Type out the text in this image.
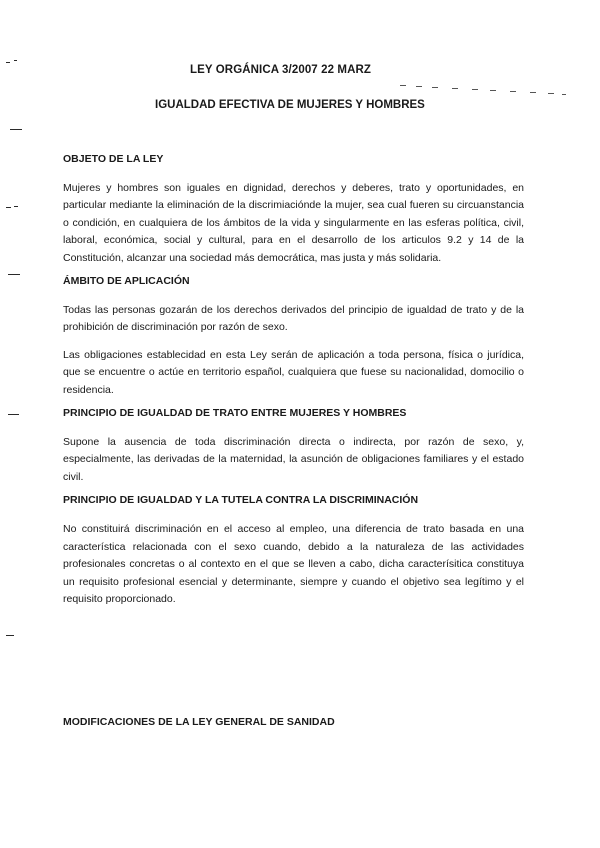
LEY ORGÁNICA 3/2007 22 MARZ
IGUALDAD EFECTIVA DE MUJERES Y HOMBRES
OBJETO DE LA LEY

Mujeres y hombres son iguales en dignidad, derechos y deberes, trato y oportunidades, en particular mediante la eliminación de la discrimiacióndе la mujer, sea cual fueren su circuanstancia o condición, en cualquiera de los ámbitos de la vida y singularmente en las esferas política, civil, laboral, económica, social y cultural, para en el desarrollo de los articulos 9.2 y 14 de la Constitución, alcanzar una sociedad más democrática, mas justa y más solidaria.

ÁMBITO DE APLICACIÓN

Todas las personas gozarán de los derechos derivados del principio de igualdad de trato y de la prohibición de discriminación por razón de sexo.

Las obligaciones establecidad en esta Ley serán de aplicación a toda persona, física o jurídica, que se encuentre o actúe en territorio español, cualquiera que fuese su nacionalidad, domocilio o residencia.

PRINCIPIO DE IGUALDAD DE TRATO ENTRE MUJERES Y HOMBRES

Supone la ausencia de toda discriminación directa o indirecta, por razón de sexo, y, especialmente, las derivadas de la maternidad, la asunción de obligaciones familiares y el estado civil.

PRINCIPIO DE IGUALDAD Y LA TUTELA CONTRA LA DISCRIMINACIÓN

No constituirá discriminación en el acceso al empleo, una diferencia de trato basada en una característica relacionada con el sexo cuando, debido a la naturaleza de las actividades profesionales concretas o al contexto en el que se lleven a cabo, dicha caracterísitica constituya un requisito profesional esencial y determinante, siempre y cuando el objetivo sea legítimo y el requisito proporcionado.

MODIFICACIONES DE LA LEY GENERAL DE SANIDAD
